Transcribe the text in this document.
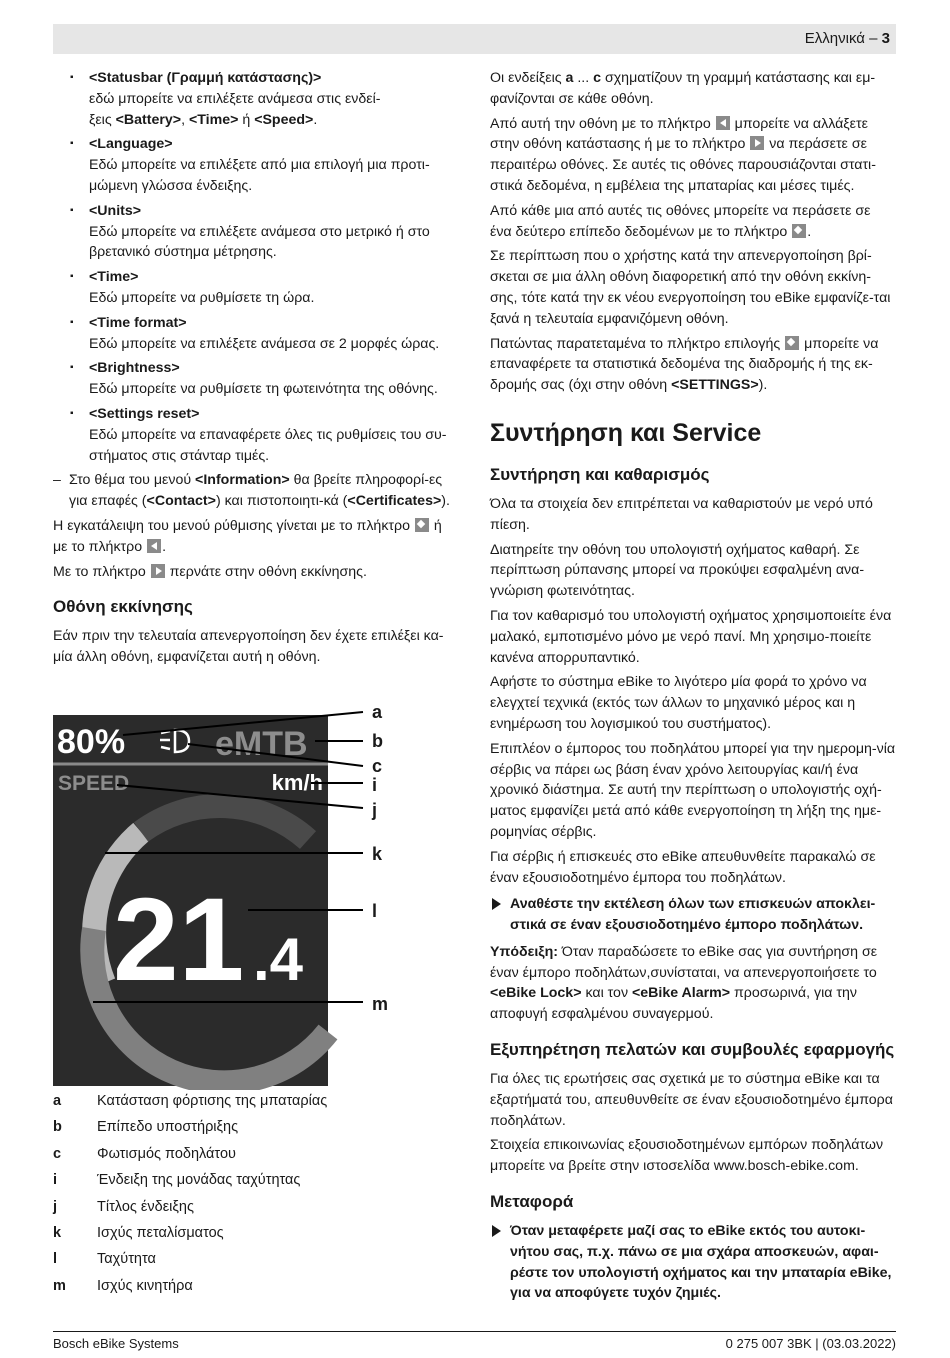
Ελληνικά – 3
▪ <Statusbar (Γραμμή κατάστασης)>
εδώ μπορείτε να επιλέξετε ανάμεσα στις ενδεί-
ξεις <Battery>, <Time> ή <Speed>.
▪ <Language>
Εδώ μπορείτε να επιλέξετε από μια επιλογή μια προτι-μώμενη γλώσσα ένδειξης.
▪ <Units>
Εδώ μπορείτε να επιλέξετε ανάμεσα στο μετρικό ή στο βρετανικό σύστημα μέτρησης.
▪ <Time>
Εδώ μπορείτε να ρυθμίσετε τη ώρα.
▪ <Time format>
Εδώ μπορείτε να επιλέξετε ανάμεσα σε 2 μορφές ώρας.
▪ <Brightness>
Εδώ μπορείτε να ρυθμίσετε τη φωτεινότητα της οθόνης.
▪ <Settings reset>
Εδώ μπορείτε να επαναφέρετε όλες τις ρυθμίσεις του συ-στήματος στις στάνταρ τιμές.
– Στο θέμα του μενού <Information> θα βρείτε πληροφορί-ες για επαφές (<Contact>) και πιστοποιητι-κά (<Certificates>).

Η εγκατάλειψη του μενού ρύθμισης γίνεται με το πλήκτρο  ή με το πλήκτρο .

Με το πλήκτρο  περνάτε στην οθόνη εκκίνησης.

Οθόνη εκκίνησης

Εάν πριν την τελευταία απενεργοποίηση δεν έχετε επιλέξει κα-μία άλλη οθόνη, εμφανίζεται αυτή η οθόνη.

80%	eMTB
SPEED	km/h
21 .4
a
b
c
i
j
k
l
m
a	Κατάσταση φόρτισης της μπαταρίας
b	Επίπεδο υποστήριξης
c	Φωτισμός ποδηλάτου
i	Ένδειξη της μονάδας ταχύτητας
j	Τίτλος ένδειξης
k	Ισχύς πεταλίσματος
l	Ταχύτητα
m	Ισχύς κινητήρα

Οι ενδείξεις a ... c σχηματίζουν τη γραμμή κατάστασης και εμ-φανίζονται σε κάθε οθόνη.

Από αυτή την οθόνη με το πλήκτρο  μπορείτε να αλλάξετε στην οθόνη κατάστασης ή με το πλήκτρο  να περάσετε σε περαιτέρω οθόνες. Σε αυτές τις οθόνες παρουσιάζονται στατι-στικά δεδομένα, η εμβέλεια της μπαταρίας και μέσες τιμές.

Από κάθε μια από αυτές τις οθόνες μπορείτε να περάσετε σε ένα δεύτερο επίπεδο δεδομένων με το πλήκτρο .

Σε περίπτωση που ο χρήστης κατά την απενεργοποίηση βρί-σκεται σε μια άλλη οθόνη διαφορετική από την οθόνη εκκίνη-σης, τότε κατά την εκ νέου ενεργοποίηση του eBike εμφανίζε-ται ξανά η τελευταία εμφανιζόμενη οθόνη.

Πατώντας παρατεταμένα το πλήκτρο επιλογής  μπορείτε να επαναφέρετε τα στατιστικά δεδομένα της διαδρομής ή της εκ-δρομής σας (όχι στην οθόνη <SETTINGS>).

Συντήρηση και Service
Συντήρηση και καθαρισμός

Όλα τα στοιχεία δεν επιτρέπεται να καθαριστούν με νερό υπό πίεση.

Διατηρείτε την οθόνη του υπολογιστή οχήματος καθαρή. Σε περίπτωση ρύπανσης μπορεί να προκύψει εσφαλμένη ανα-γνώριση φωτεινότητας.

Για τον καθαρισμό του υπολογιστή οχήματος χρησιμοποιείτε ένα μαλακό, εμποτισμένο μόνο με νερό πανί. Μη χρησιμο-ποιείτε κανένα απορρυπαντικό.

Αφήστε το σύστημα eBike το λιγότερο μία φορά το χρόνο να ελεγχτεί τεχνικά (εκτός των άλλων το μηχανικό μέρος και η ενημέρωση του λογισμικού του συστήματος).

Επιπλέον ο έμπορος του ποδηλάτου μπορεί για την ημερομη-νία σέρβις να πάρει ως βάση έναν χρόνο λειτουργίας και/ή ένα χρονικό διάστημα. Σε αυτή την περίπτωση ο υπολογιστής οχή-ματος εμφανίζει μετά από κάθε ενεργοποίηση τη λήξη της ημε-ρομηνίας σέρβις.

Για σέρβις ή επισκευές στο eBike απευθυνθείτε παρακαλώ σε έναν εξουσιοδοτημένο έμπορα του ποδηλάτων.

Αναθέστε την εκτέλεση όλων των επισκευών αποκλει-στικά σε έναν εξουσιοδοτημένο έμπορο ποδηλάτων.

Υπόδειξη: Όταν παραδώσετε το eBike σας για συντήρηση σε έναν έμπορο ποδηλάτων,συνίσταται, να απενεργοποιήσετε το <eBike Lock> και τον <eBike Alarm> προσωρινά, για την αποφυγή εσφαλμένου συναγερμού.

Εξυπηρέτηση πελατών και συμβουλές εφαρμογής

Για όλες τις ερωτήσεις σας σχετικά με το σύστημα eBike και τα εξαρτήματά του, απευθυνθείτε σε έναν εξουσιοδοτημένο έμπορα ποδηλάτων.

Στοιχεία επικοινωνίας εξουσιοδοτημένων εμπόρων ποδηλάτων μπορείτε να βρείτε στην ιστοσελίδα www.bosch-ebike.com.

Μεταφορά
Όταν μεταφέρετε μαζί σας το eBike εκτός του αυτοκι-νήτου σας, π.χ. πάνω σε μια σχάρα αποσκευών, αφαι-ρέστε τον υπολογιστή οχήματος και την μπαταρία eBike, για να αποφύγετε τυχόν ζημιές.
Bosch eBike Systems	0 275 007 3BK | (03.03.2022)
